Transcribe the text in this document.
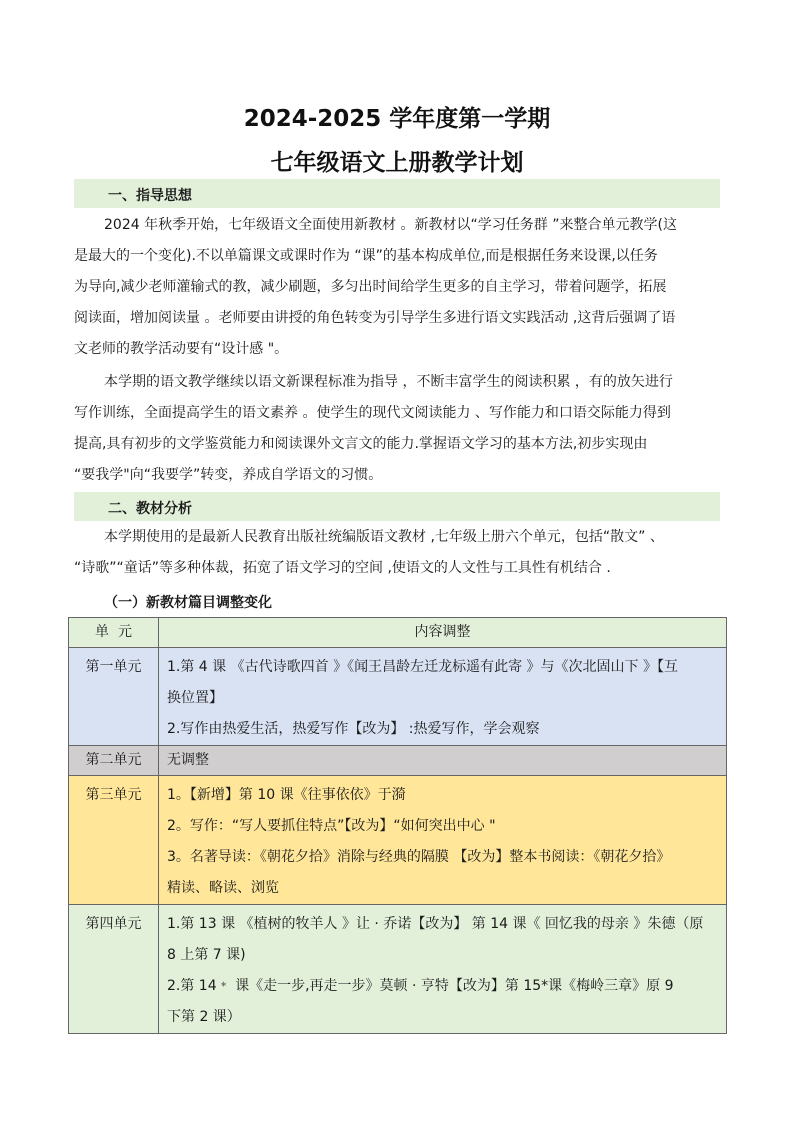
2024-2025 学年度第一学期
七年级语文上册教学计划
一、指导思想

2024 年秋季开始，七年级语文全面使用新教材 。新教材以“学习任务群 ”来整合单元教学(这
是最大的一个变化).不以单篇课文或课时作为 “课”的基本构成单位,而是根据任务来设课,以任务
为导向,减少老师灌输式的教，减少刷题，多匀出时间给学生更多的自主学习，带着问题学，拓展
阅读面，增加阅读量 。老师要由讲授的角色转变为引导学生多进行语文实践活动 ,这背后强调了语
文老师的教学活动要有“设计感 "。

本学期的语文教学继续以语文新课程标准为指导 ，不断丰富学生的阅读积累 ，有的放矢进行
写作训练，全面提高学生的语文素养 。使学生的现代文阅读能力 、写作能力和口语交际能力得到
提高,具有初步的文学鉴赏能力和阅读课外文言文的能力.掌握语文学习的基本方法,初步实现由
“要我学"向“我要学”转变，养成自学语文的习惯。

二、教材分析

本学期使用的是最新人民教育出版社统编版语文教材 ,七年级上册六个单元，包括“散文” 、
“诗歌”“童话”等多种体裁，拓宽了语文学习的空间 ,使语文的人文性与工具性有机结合 .

（一）新教材篇目调整变化
单  元	内容调整

第一单元	1.第 4 课 《古代诗歌四首 》《闻王昌龄左迁龙标遥有此寄 》与《次北固山下 》【互
换位置】
2.写作由热爱生活，热爱写作【改为】 :热爱写作，学会观察

第二单元	无调整

第三单元	1。【新增】第 10 课《往事依依》于漪
2。写作：“写人要抓住特点”【改为】“如何突出中心 "
3。名著导读：《朝花夕拾》消除与经典的隔膜 【改为】整本书阅读：《朝花夕拾》
精读、略读、浏览

第四单元	1.第 13 课 《植树的牧羊人 》让 · 乔诺【改为】 第 14 课《 回忆我的母亲 》朱德（原
8 上第 7 课)
2.第 14﹡ 课《走一步,再走一步》莫顿 · 亨特【改为】第 15*课《梅岭三章》原 9
下第 2 课）
